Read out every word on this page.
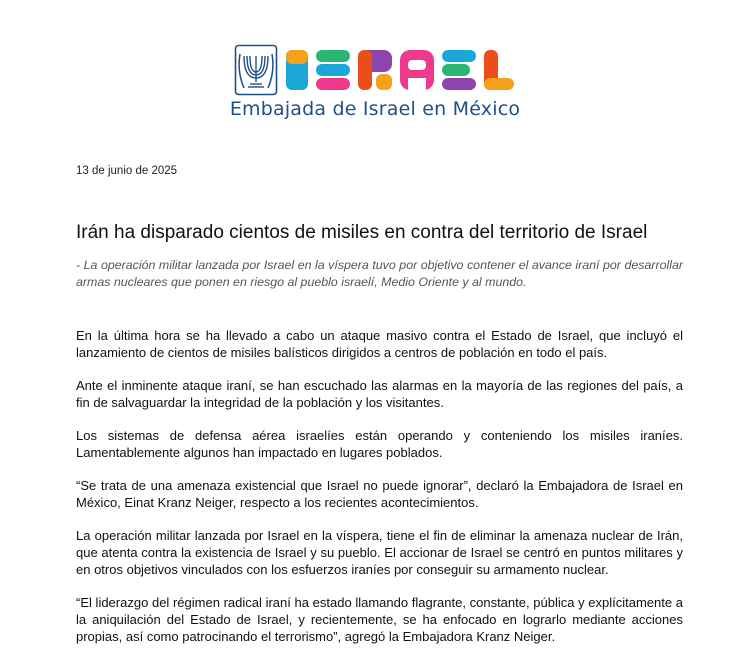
Embajada de Israel en México
13 de junio de 2025
Irán ha disparado cientos de misiles en contra del territorio de Israel
- La operación militar lanzada por Israel en la víspera tuvo por objetivo contener el avance iraní por desarrollar armas nucleares que ponen en riesgo al pueblo israelí, Medio Oriente y al mundo.

En la última hora se ha llevado a cabo un ataque masivo contra el Estado de Israel, que incluyó el lanzamiento de cientos de misiles balísticos dirigidos a centros de población en todo el país.

Ante el inminente ataque iraní, se han escuchado las alarmas en la mayoría de las regiones del país, a fin de salvaguardar la integridad de la población y los visitantes.

Los sistemas de defensa aérea israelíes están operando y conteniendo los misiles iraníes. Lamentablemente algunos han impactado en lugares poblados.

“Se trata de una amenaza existencial que Israel no puede ignorar”, declaró la Embajadora de Israel en México, Einat Kranz Neiger, respecto a los recientes acontecimientos.

La operación militar lanzada por Israel en la víspera, tiene el fin de eliminar la amenaza nuclear de Irán, que atenta contra la existencia de Israel y su pueblo. El accionar de Israel se centró en puntos militares y en otros objetivos vinculados con los esfuerzos iraníes por conseguir su armamento nuclear.

“El liderazgo del régimen radical iraní ha estado llamando flagrante, constante, pública y explícitamente a la aniquilación del Estado de Israel, y recientemente, se ha enfocado en lograrlo mediante acciones propias, así como patrocinando el terrorismo”, agregó la Embajadora Kranz Neiger.
